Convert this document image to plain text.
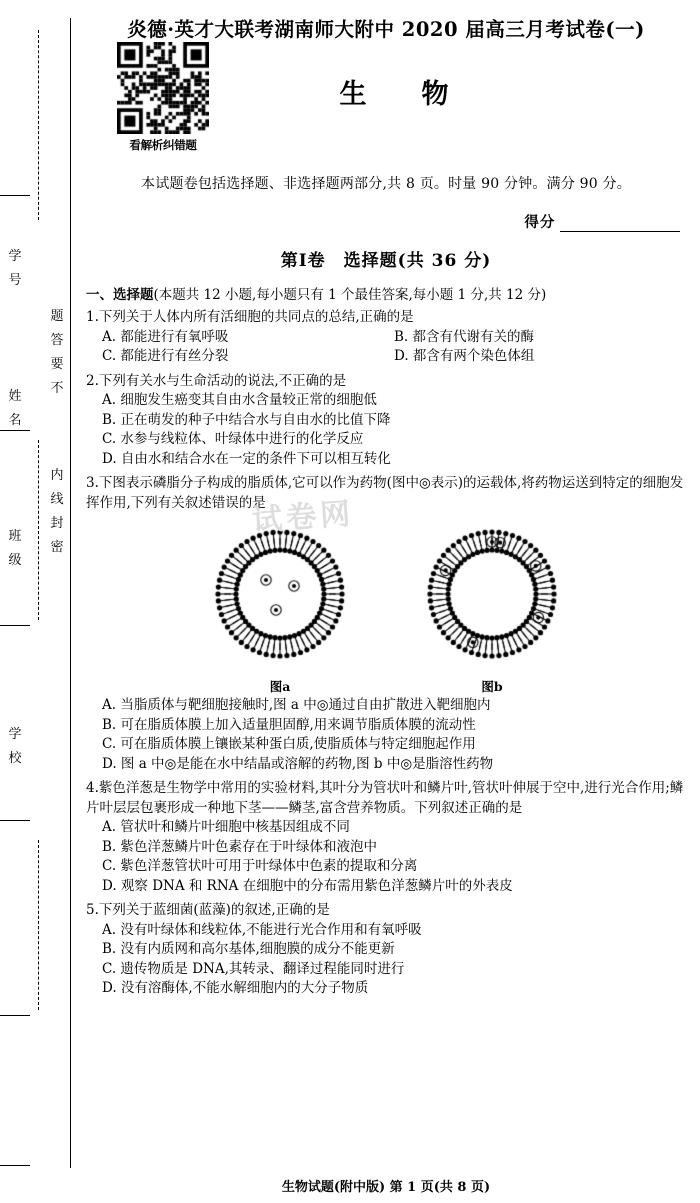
学
号

姓
名

班
级

学
校
题
答
要
不

内
线
封
密
炎德·英才大联考湖南师大附中 2020 届高三月考试卷(一)
看解析纠错题
生　物
本试题卷包括选择题、非选择题两部分,共 8 页。时量 90 分钟。满分 90 分。
得分
第Ⅰ卷　选择题(共 36 分)
一、选择题(本题共 12 小题,每小题只有 1 个最佳答案,每小题 1 分,共 12 分)
1.下列关于人体内所有活细胞的共同点的总结,正确的是
A. 都能进行有氧呼吸
C. 都能进行有丝分裂
B. 都含有代谢有关的酶
D. 都含有两个染色体组
2.下列有关水与生命活动的说法,不正确的是
A. 细胞发生癌变其自由水含量较正常的细胞低
B. 正在萌发的种子中结合水与自由水的比值下降
C. 水参与线粒体、叶绿体中进行的化学反应
D. 自由水和结合水在一定的条件下可以相互转化
3.下图表示磷脂分子构成的脂质体,它可以作为药物(图中◎表示)的运载体,将药物运送到特定的细胞发挥作用,下列有关叙述错误的是
图a	图b
A. 当脂质体与靶细胞接触时,图 a 中◎通过自由扩散进入靶细胞内
B. 可在脂质体膜上加入适量胆固醇,用来调节脂质体膜的流动性
C. 可在脂质体膜上镶嵌某种蛋白质,使脂质体与特定细胞起作用
D. 图 a 中◎是能在水中结晶或溶解的药物,图 b 中◎是脂溶性药物
4.紫色洋葱是生物学中常用的实验材料,其叶分为管状叶和鳞片叶,管状叶伸展于空中,进行光合作用;鳞片叶层层包裹形成一种地下茎——鳞茎,富含营养物质。下列叙述正确的是
A. 管状叶和鳞片叶细胞中核基因组成不同
B. 紫色洋葱鳞片叶色素存在于叶绿体和液泡中
C. 紫色洋葱管状叶可用于叶绿体中色素的提取和分离
D. 观察 DNA 和 RNA 在细胞中的分布需用紫色洋葱鳞片叶的外表皮
5.下列关于蓝细菌(蓝藻)的叙述,正确的是
A. 没有叶绿体和线粒体,不能进行光合作用和有氧呼吸
B. 没有内质网和高尔基体,细胞膜的成分不能更新
C. 遗传物质是 DNA,其转录、翻译过程能同时进行
D. 没有溶酶体,不能水解细胞内的大分子物质
试卷网
生物试题(附中版) 第 1 页(共 8 页)
